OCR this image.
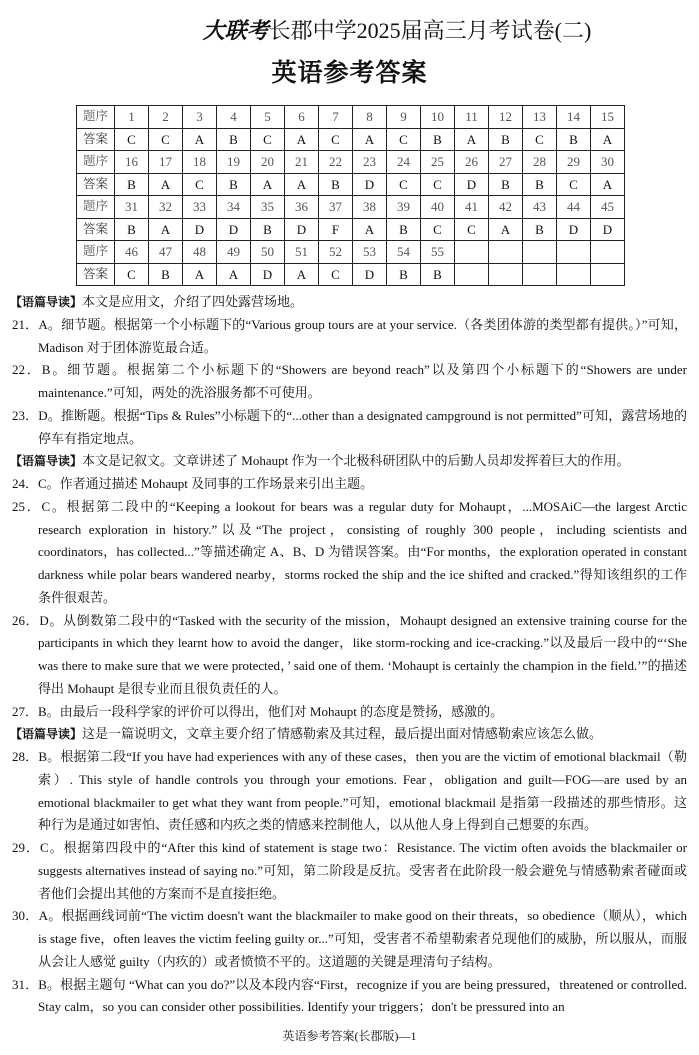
大联考长郡中学2025届高三月考试卷(二)
英语参考答案
题序	1	2	3	4	5	6	7	8	9	10	11	12	13	14	15
答案	C	C	A	B	C	A	C	A	C	B	A	B	C	B	A
题序	16	17	18	19	20	21	22	23	24	25	26	27	28	29	30
答案	B	A	C	B	A	A	B	D	C	C	D	B	B	C	A
题序	31	32	33	34	35	36	37	38	39	40	41	42	43	44	45
答案	B	A	D	D	B	D	F	A	B	C	C	A	B	D	D
题序	46	47	48	49	50	51	52	53	54	55					
答案	C	B	A	A	D	A	C	D	B	B					

【语篇导读】本文是应用文，介绍了四处露营场地。

21．A。细节题。根据第一个小标题下的“Various group tours are at your service.（各类团体游的类型都有提供。）”可知，Madison 对于团体游览最合适。

22．B。细节题。根据第二个小标题下的“Showers are beyond reach”以及第四个小标题下的“Showers are under maintenance.”可知，两处的洗浴服务都不可使用。

23．D。推断题。根据“Tips & Rules”小标题下的“...other than a designated campground is not permitted”可知，露营场地的停车有指定地点。

【语篇导读】本文是记叙文。文章讲述了 Mohaupt 作为一个北极科研团队中的后勤人员却发挥着巨大的作用。

24．C。作者通过描述 Mohaupt 及同事的工作场景来引出主题。

25．C。根据第二段中的“Keeping a lookout for bears was a regular duty for Mohaupt，...MOSAiC—the largest Arctic research exploration in history.”以及“The project，consisting of roughly 300 people，including scientists and coordinators，has collected...”等描述确定 A、B、D 为错误答案。由“For months，the exploration operated in constant darkness while polar bears wandered nearby，storms rocked the ship and the ice shifted and cracked.”得知该组织的工作条件很艰苦。

26．D。从倒数第二段中的“Tasked with the security of the mission，Mohaupt designed an extensive training course for the participants in which they learnt how to avoid the danger，like storm-rocking and ice-cracking.”以及最后一段中的“‘She was there to make sure that we were protected，’ said one of them. ‘Mohaupt is certainly the champion in the field.’”的描述得出 Mohaupt 是很专业而且很负责任的人。

27．B。由最后一段科学家的评价可以得出，他们对 Mohaupt 的态度是赞扬，感激的。

【语篇导读】这是一篇说明文，文章主要介绍了情感勒索及其过程，最后提出面对情感勒索应该怎么做。

28．B。根据第二段“If you have had experiences with any of these cases，then you are the victim of emotional blackmail（勒索）. This style of handle controls you through your emotions. Fear，obligation and guilt—FOG—are used by an emotional blackmailer to get what they want from people.”可知，emotional blackmail 是指第一段描述的那些情形。这种行为是通过如害怕、责任感和内疚之类的情感来控制他人，以从他人身上得到自己想要的东西。

29．C。根据第四段中的“After this kind of statement is stage two：Resistance. The victim often avoids the blackmailer or suggests alternatives instead of saying no.”可知，第二阶段是反抗。受害者在此阶段一般会避免与情感勒索者碰面或者他们会提出其他的方案而不是直接拒绝。

30．A。根据画线词前“The victim doesn't want the blackmailer to make good on their threats，so obedience（顺从），which is stage five，often leaves the victim feeling guilty or...”可知，受害者不希望勒索者兑现他们的威胁，所以服从，而服从会让人感觉 guilty（内疚的）或者愤愤不平的。这道题的关键是理清句子结构。

31．B。根据主题句 “What can you do?”以及本段内容“First，recognize if you are being pressured，threatened or controlled. Stay calm，so you can consider other possibilities. Identify your triggers；don't be pressured into an

英语参考答案(长郡版)—1
